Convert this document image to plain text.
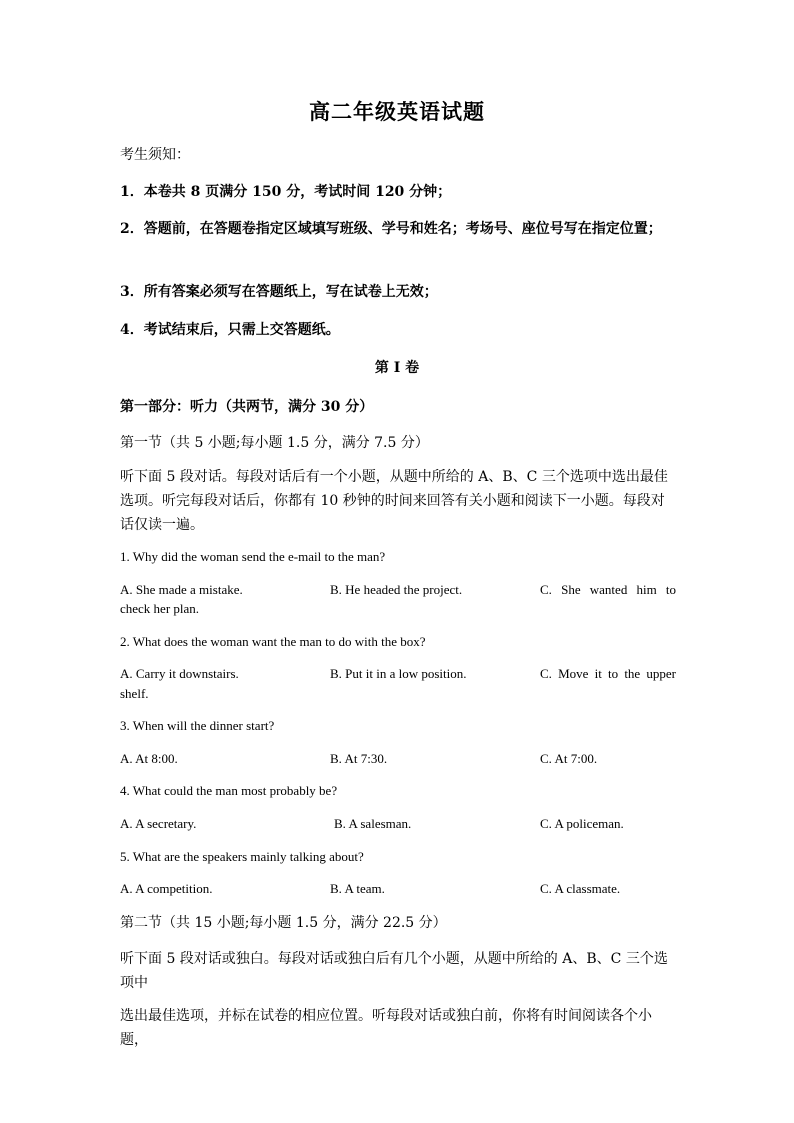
高二年级英语试题
考生须知：
1．本卷共 8 页满分 150 分，考试时间 120 分钟；
2．答题前，在答题卷指定区域填写班级、学号和姓名；考场号、座位号写在指定位置；
3．所有答案必须写在答题纸上，写在试卷上无效；
4．考试结束后，只需上交答题纸。
第 I 卷
第一部分：听力（共两节，满分 30 分）
第一节（共 5 小题;每小题 1.5 分，满分 7.5 分）
听下面 5 段对话。每段对话后有一个小题，从题中所给的 A、B、C 三个选项中选出最佳选项。听完每段对话后，你都有 10 秒钟的时间来回答有关小题和阅读下一小题。每段对话仅读一遍。
1. Why did the woman send the e-mail to the man?
A. She made a mistake.	B. He headed the project.	C. She wanted him to
check her plan.
2. What does the woman want the man to do with the box?
A. Carry it downstairs.	B. Put it in a low position.	C. Move it to the upper
shelf.
3. When will the dinner start?
A. At 8:00.	B. At 7:30.	C. At 7:00.
4. What could the man most probably be?
A. A secretary.	B. A salesman.	C. A policeman.
5. What are the speakers mainly talking about?
A. A competition.	B. A team.	C. A classmate.
第二节（共 15 小题;每小题 1.5 分，满分 22.5 分）
听下面 5 段对话或独白。每段对话或独白后有几个小题，从题中所给的 A、B、C 三个选项中
选出最佳选项，并标在试卷的相应位置。听每段对话或独白前，你将有时间阅读各个小题，
